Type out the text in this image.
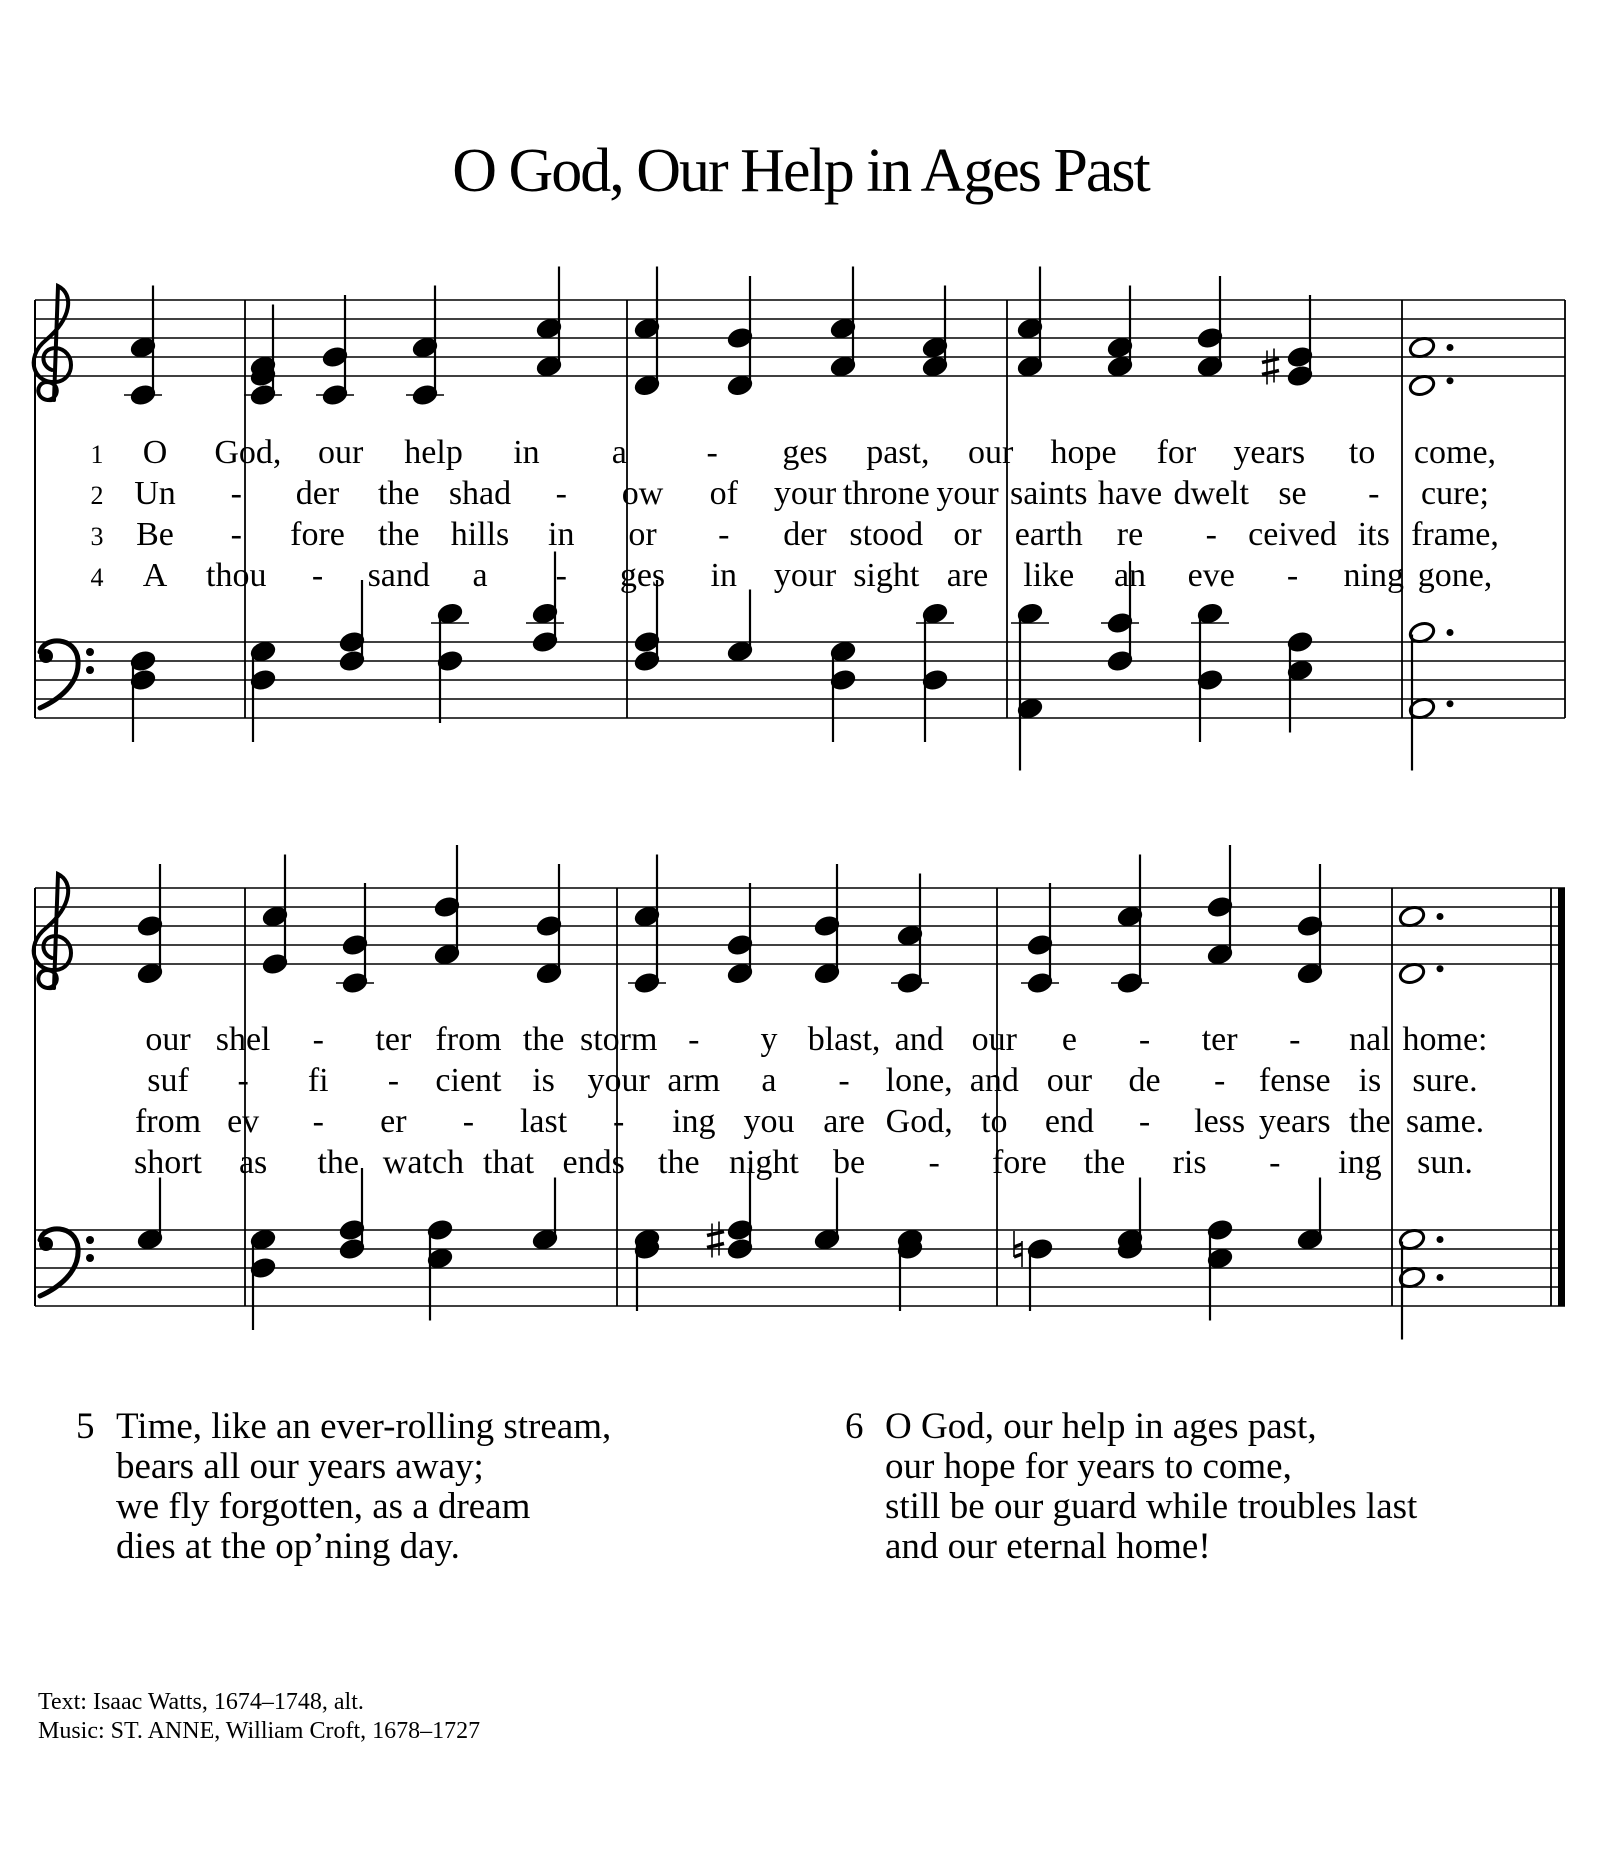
O God, Our Help in Ages Past
1
2
3
4
O God, our help in a - ges past, our hope for years to come,
Un - der the shad - ow of your throne your saints have dwelt se - cure;
Be - fore the hills in or - der stood or earth re - ceived its frame,
A thou - sand a - ges in your sight are like an eve - ning gone,
our shel - ter from the storm - y blast, and our e - ter - nal home:
suf - fi - cient is your arm a - lone, and our de - fense is sure.
from ev - er - last - ing you are God, to end - less years the same.
short as the watch that ends the night be - fore the ris - ing sun.
5 Time, like an ever-rolling stream,
bears all our years away;
we fly forgotten, as a dream
dies at the op’ning day.
6 O God, our help in ages past,
our hope for years to come,
still be our guard while troubles last
and our eternal home!
Text: Isaac Watts, 1674–1748, alt.
Music: ST. ANNE, William Croft, 1678–1727
